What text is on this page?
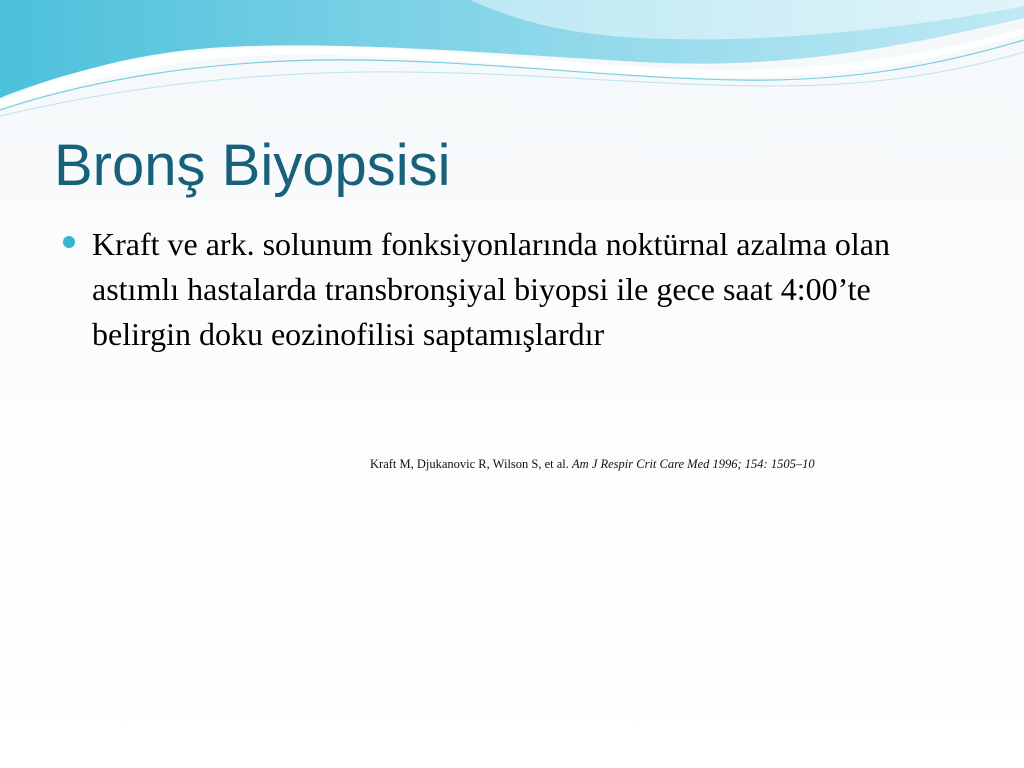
Bronş Biyopsisi
Kraft ve ark. solunum fonksiyonlarında noktürnal azalma olan astımlı hastalarda transbronşiyal biyopsi ile gece saat 4:00’te belirgin doku eozinofilisi saptamışlardır

Kraft M, Djukanovic R, Wilson S, et al. Am J Respir Crit Care Med 1996; 154: 1505–10
